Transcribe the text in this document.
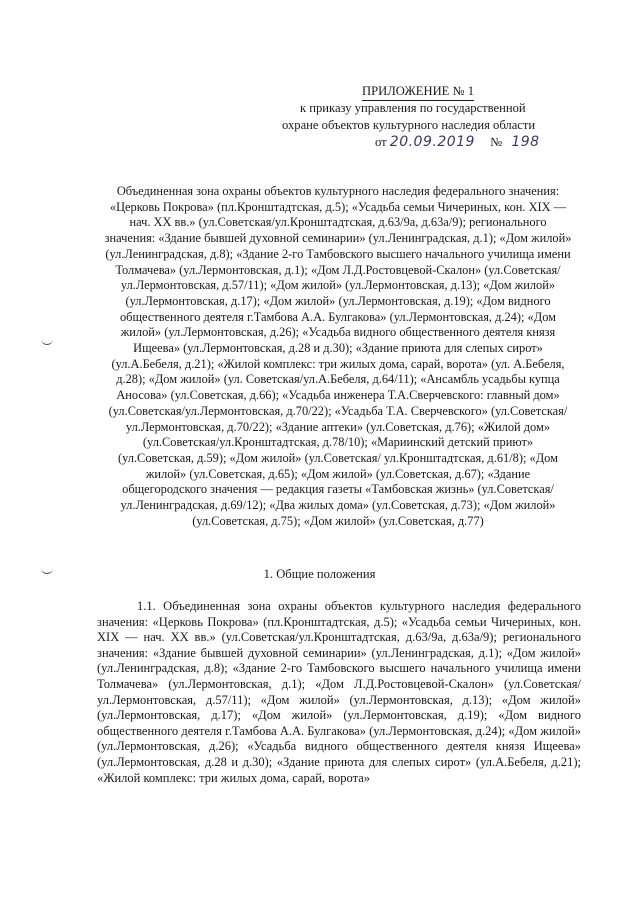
ПРИЛОЖЕНИЕ № 1
к приказу управления по государственной
охране объектов культурного наследия области
от 20.09.2019 № 198
Объединенная зона охраны объектов культурного наследия федерального значения: «Церковь Покрова» (пл.Кронштадтская, д.5); «Усадьба семьи Чичериных, кон. XIX — нач. XX вв.» (ул.Советская/ул.Кронштадтская, д.63/9а, д.63а/9); регионального значения: «Здание бывшей духовной семинарии» (ул.Ленинградская, д.1); «Дом жилой» (ул.Ленинградская, д.8); «Здание 2-го Тамбовского высшего начального училища имени Толмачева» (ул.Лермонтовская, д.1); «Дом Л.Д.Ростовцевой-Скалон» (ул.Советская/ ул.Лермонтовская, д.57/11); «Дом жилой» (ул.Лермонтовская, д.13); «Дом жилой» (ул.Лермонтовская, д.17); «Дом жилой» (ул.Лермонтовская, д.19); «Дом видного общественного деятеля г.Тамбова А.А. Булгакова» (ул.Лермонтовская, д.24); «Дом жилой» (ул.Лермонтовская, д.26); «Усадьба видного общественного деятеля князя Ищеева» (ул.Лермонтовская, д.28 и д.30); «Здание приюта для слепых сирот» (ул.А.Бебеля, д.21); «Жилой комплекс: три жилых дома, сарай, ворота» (ул. А.Бебеля, д.28); «Дом жилой» (ул. Советская/ул.А.Бебеля, д.64/11); «Ансамбль усадьбы купца Аносова» (ул.Советская, д.66); «Усадьба инженера Т.А.Сверчевского: главный дом» (ул.Советская/ул.Лермонтовская, д.70/22); «Усадьба Т.А. Сверчевского» (ул.Советская/ ул.Лермонтовская, д.70/22); «Здание аптеки» (ул.Советская, д.76); «Жилой дом» (ул.Советская/ул.Кронштадтская, д.78/10); «Мариинский детский приют» (ул.Советская, д.59); «Дом жилой» (ул.Советская/ ул.Кронштадтская, д.61/8); «Дом жилой» (ул.Советская, д.65); «Дом жилой» (ул.Советская, д.67); «Здание общегородского значения — редакция газеты «Тамбовская жизнь» (ул.Советская/ул.Ленинградская, д.69/12); «Два жилых дома» (ул.Советская, д.73); «Дом жилой» (ул.Советская, д.75); «Дом жилой» (ул.Советская, д.77)
1. Общие положения
1.1. Объединенная зона охраны объектов культурного наследия федерального значения: «Церковь Покрова» (пл.Кронштадтская, д.5); «Усадьба семьи Чичериных, кон. XIX — нач. XX вв.» (ул.Советская/ул.Кронштадтская, д.63/9а, д.63а/9); регионального значения: «Здание бывшей духовной семинарии» (ул.Ленинградская, д.1); «Дом жилой» (ул.Ленинградская, д.8); «Здание 2-го Тамбовского высшего начального училища имени Толмачева» (ул.Лермонтовская, д.1); «Дом Л.Д.Ростовцевой-Скалон» (ул.Советская/ул.Лермонтовская, д.57/11); «Дом жилой» (ул.Лермонтовская, д.13); «Дом жилой» (ул.Лермонтовская, д.17); «Дом жилой» (ул.Лермонтовская, д.19); «Дом видного общественного деятеля г.Тамбова А.А. Булгакова» (ул.Лермонтовская, д.24); «Дом жилой» (ул.Лермонтовская, д.26); «Усадьба видного общественного деятеля князя Ищеева» (ул.Лермонтовская, д.28 и д.30); «Здание приюта для слепых сирот» (ул.А.Бебеля, д.21); «Жилой комплекс: три жилых дома, сарай, ворота»
